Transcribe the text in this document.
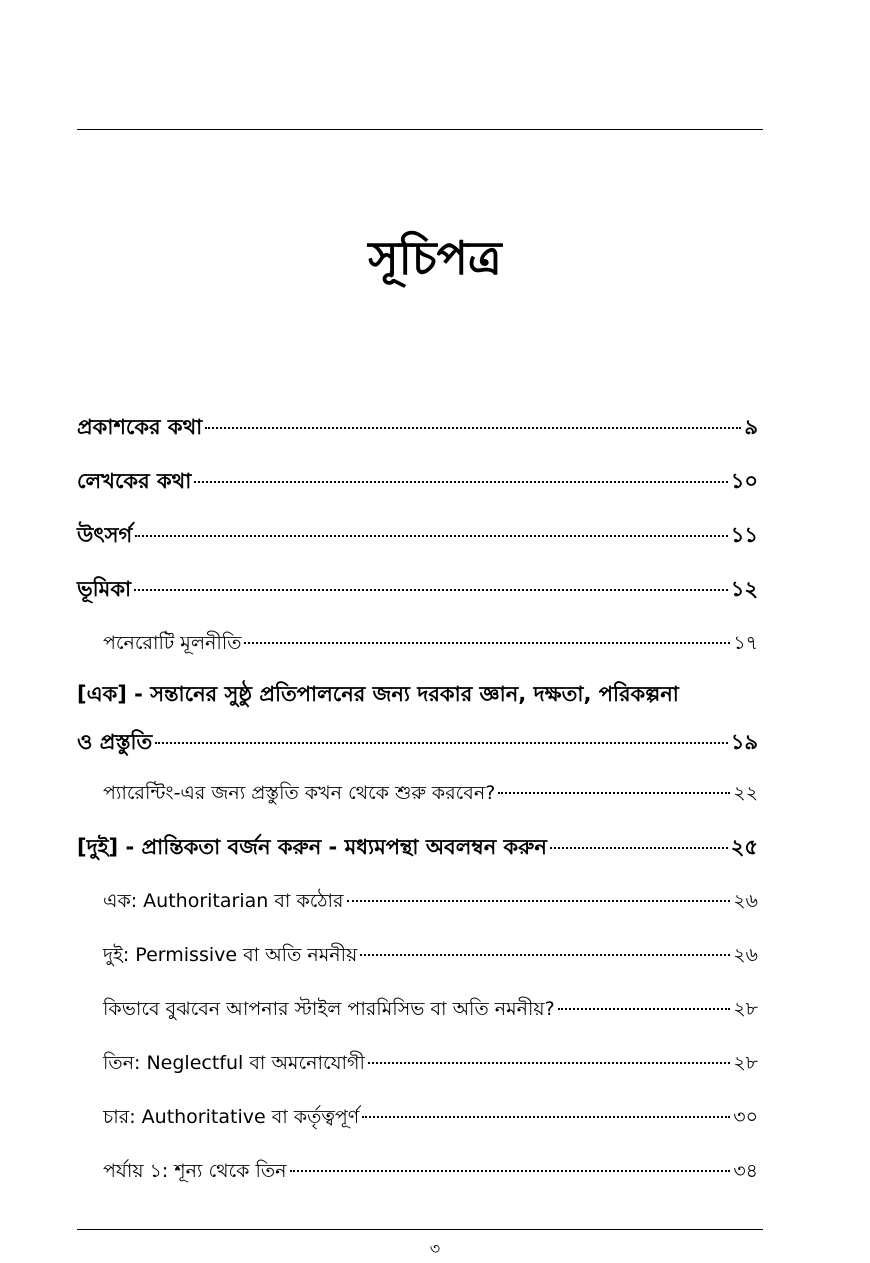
সূচিপত্র
প্রকাশকের কথা	৯
লেখকের কথা	১০
উৎসর্গ	১১
ভূমিকা	১২
পনেরোটি মূলনীতি	১৭
[এক] - সন্তানের সুষ্ঠু প্রতিপালনের জন্য দরকার জ্ঞান, দক্ষতা, পরিকল্পনা
ও প্রস্তুতি	১৯
প্যারেন্টিং-এর জন্য প্রস্তুতি কখন থেকে শুরু করবেন?	২২
[দুই] - প্রান্তিকতা বর্জন করুন - মধ্যমপন্থা অবলম্বন করুন	২৫
এক: Authoritarian বা কঠোর	২৬
দুই: Permissive বা অতি নমনীয়	২৬
কিভাবে বুঝবেন আপনার স্টাইল পারমিসিভ বা অতি নমনীয়?	২৮
তিন: Neglectful বা অমনোযোগী	২৮
চার: Authoritative বা কর্তৃত্বপূর্ণ	৩০
পর্যায় ১: শূন্য থেকে তিন	৩৪
৩
